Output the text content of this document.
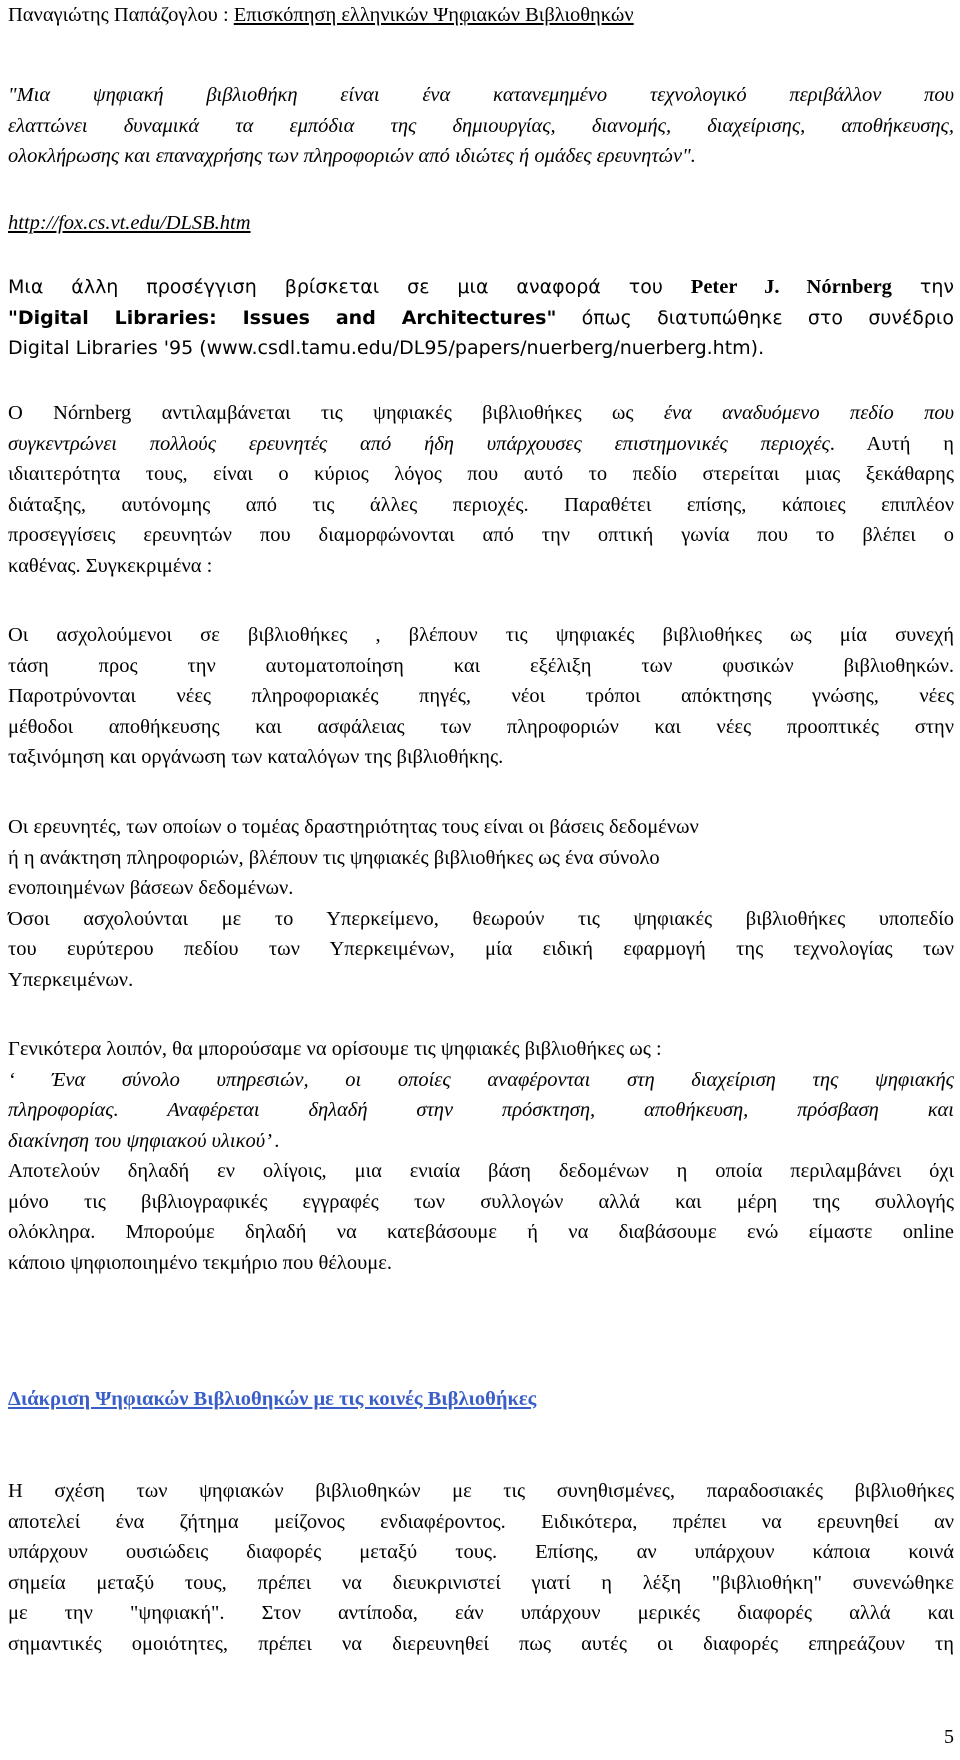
Παναγιώτης Παπάζογλου : Επισκόπηση ελληνικών Ψηφιακών Βιβλιοθηκών
"Μια ψηφιακή βιβλιοθήκη είναι ένα κατανεμημένο τεχνολογικό περιβάλλον που
ελαττώνει δυναμικά τα εμπόδια της δημιουργίας, διανομής, διαχείρισης, αποθήκευσης,
ολοκλήρωσης και επαναχρήσης των πληροφοριών από ιδιώτες ή ομάδες ερευνητών".
http://fox.cs.vt.edu/DLSB.htm
Μια άλλη προσέγγιση βρίσκεται σε μια αναφορά του Peter J. Nórnberg την
"Digital Libraries: Issues and Architectures" όπως διατυπώθηκε στο συνέδριο
Digital Libraries '95 (www.csdl.tamu.edu/DL95/papers/nuerberg/nuerberg.htm).
Ο Nórnberg αντιλαμβάνεται τις ψηφιακές βιβλιοθήκες ως ένα αναδυόμενο πεδίο που
συγκεντρώνει πολλούς ερευνητές από ήδη υπάρχουσες επιστημονικές περιοχές. Αυτή η
ιδιαιτερότητα τους, είναι ο κύριος λόγος που αυτό το πεδίο στερείται μιας ξεκάθαρης
διάταξης, αυτόνομης από τις άλλες περιοχές. Παραθέτει επίσης, κάποιες επιπλέον
προσεγγίσεις ερευνητών που διαμορφώνονται από την οπτική γωνία που το βλέπει ο
καθένας. Συγκεκριμένα :
Οι ασχολούμενοι σε βιβλιοθήκες , βλέπουν τις ψηφιακές βιβλιοθήκες ως μία συνεχή
τάση προς την αυτοματοποίηση και εξέλιξη των φυσικών βιβλιοθηκών.
Παροτρύνονται νέες πληροφοριακές πηγές, νέοι τρόποι απόκτησης γνώσης, νέες
μέθοδοι αποθήκευσης και ασφάλειας των πληροφοριών και νέες προοπτικές στην
ταξινόμηση και οργάνωση των καταλόγων της βιβλιοθήκης.
Οι ερευνητές, των οποίων ο τομέας δραστηριότητας τους είναι οι βάσεις δεδομένων
ή η ανάκτηση πληροφοριών, βλέπουν τις ψηφιακές βιβλιοθήκες ως ένα σύνολο
ενοποιημένων βάσεων δεδομένων.
Όσοι ασχολούνται με το Υπερκείμενο, θεωρούν τις ψηφιακές βιβλιοθήκες υποπεδίο
του ευρύτερου πεδίου των Υπερκειμένων, μία ειδική εφαρμογή της τεχνολογίας των
Υπερκειμένων.
Γενικότερα λοιπόν, θα μπορούσαμε να ορίσουμε τις ψηφιακές βιβλιοθήκες ως :
‘ Ένα σύνολο υπηρεσιών, οι οποίες αναφέρονται στη διαχείριση της ψηφιακής
πληροφορίας. Αναφέρεται δηλαδή στην πρόσκτηση, αποθήκευση, πρόσβαση και
διακίνηση του ψηφιακού υλικού’ .
Αποτελούν δηλαδή εν ολίγοις, μια ενιαία βάση δεδομένων η οποία περιλαμβάνει όχι
μόνο τις βιβλιογραφικές εγγραφές των συλλογών αλλά και μέρη της συλλογής
ολόκληρα. Μπορούμε δηλαδή να κατεβάσουμε ή να διαβάσουμε ενώ είμαστε online
κάποιο ψηφιοποιημένο τεκμήριο που θέλουμε.
Διάκριση Ψηφιακών Βιβλιοθηκών με τις κοινές Βιβλιοθήκες
Η σχέση των ψηφιακών βιβλιοθηκών με τις συνηθισμένες, παραδοσιακές βιβλιοθήκες
αποτελεί ένα ζήτημα μείζονος ενδιαφέροντος. Ειδικότερα, πρέπει να ερευνηθεί αν
υπάρχουν ουσιώδεις διαφορές μεταξύ τους. Επίσης, αν υπάρχουν κάποια κοινά
σημεία μεταξύ τους, πρέπει να διευκρινιστεί γιατί η λέξη "βιβλιοθήκη" συνενώθηκε
με την "ψηφιακή". Στον αντίποδα, εάν υπάρχουν μερικές διαφορές αλλά και
σημαντικές ομοιότητες, πρέπει να διερευνηθεί πως αυτές οι διαφορές επηρεάζουν τη
5
